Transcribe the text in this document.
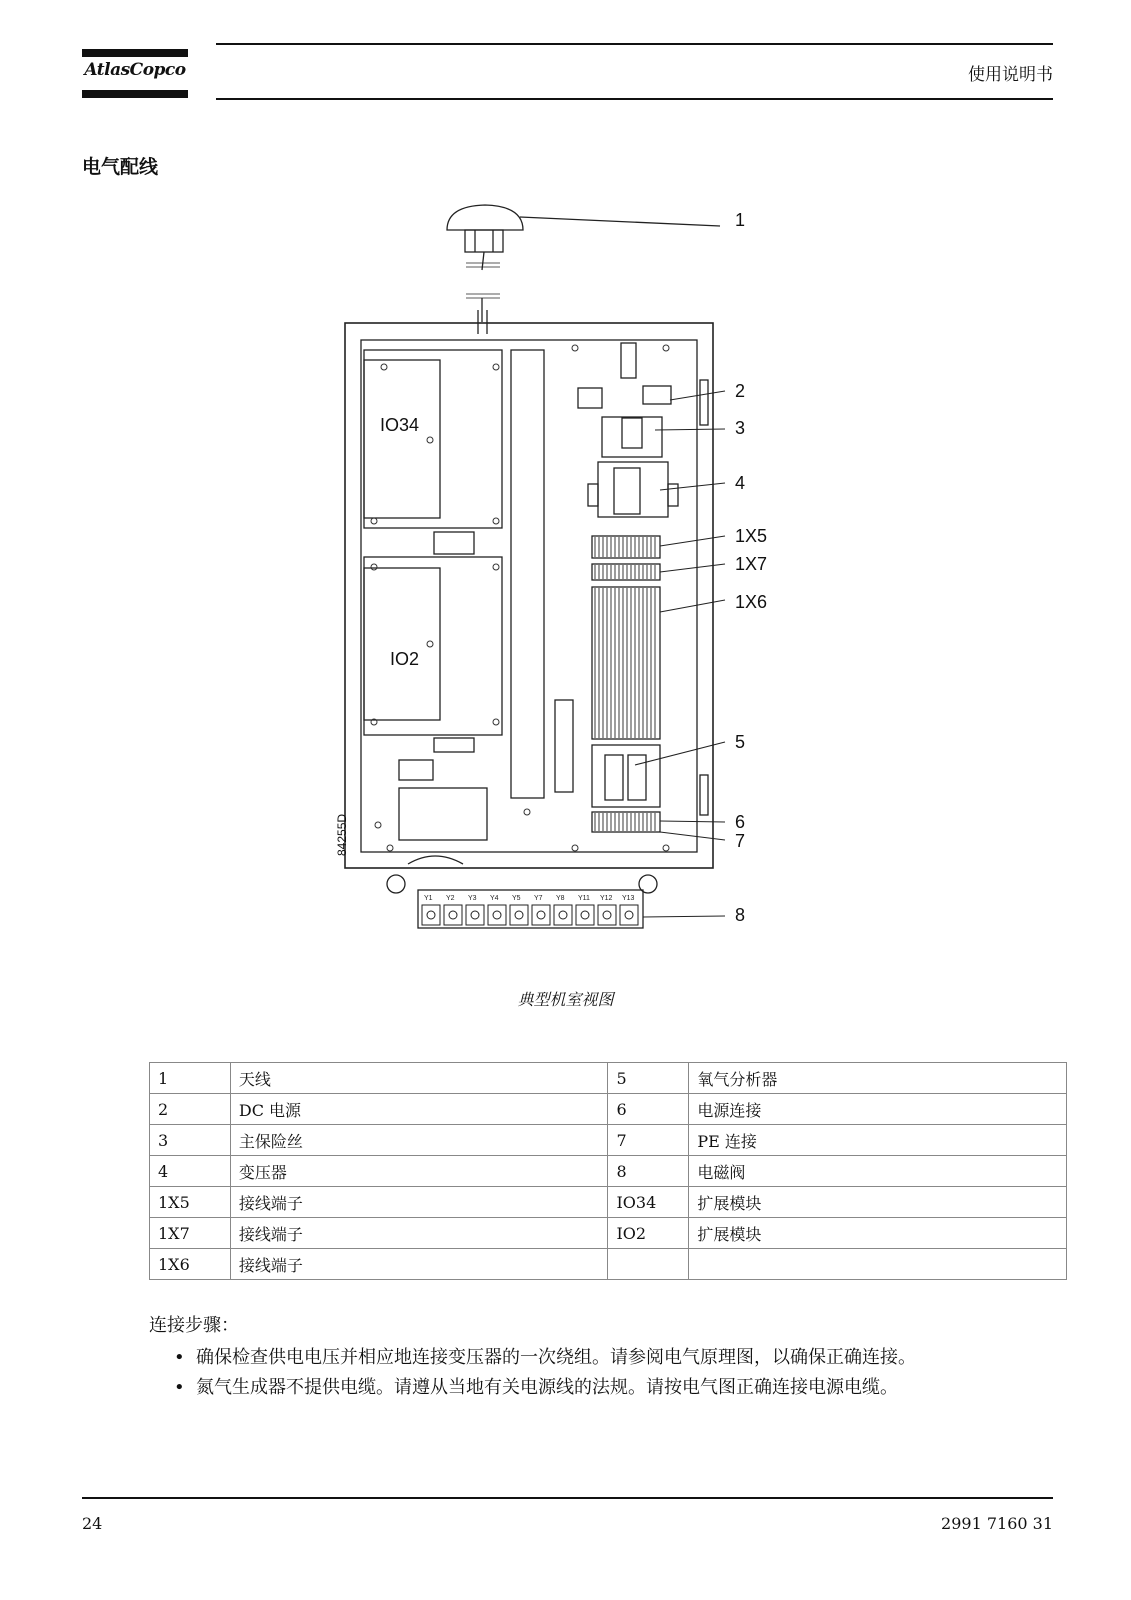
AtlasCopco	使用说明书
电气配线
Y1 Y2 Y3 Y4 Y5 Y7 Y8 Y11 Y12 Y13
1
2
3
4
1X5
1X7
1X6
5
6
7
8
IO34
IO2
84255D
典型机室视图
1	天线	5	氧气分析器
2	DC 电源	6	电源连接
3	主保险丝	7	PE 连接
4	变压器	8	电磁阀
1X5	接线端子	IO34	扩展模块
1X7	接线端子	IO2	扩展模块
1X6	接线端子		
连接步骤：
• 确保检查供电电压并相应地连接变压器的一次绕组。请参阅电气原理图，以确保正确连接。
• 氮气生成器不提供电缆。请遵从当地有关电源线的法规。请按电气图正确连接电源电缆。
24	2991 7160 31
